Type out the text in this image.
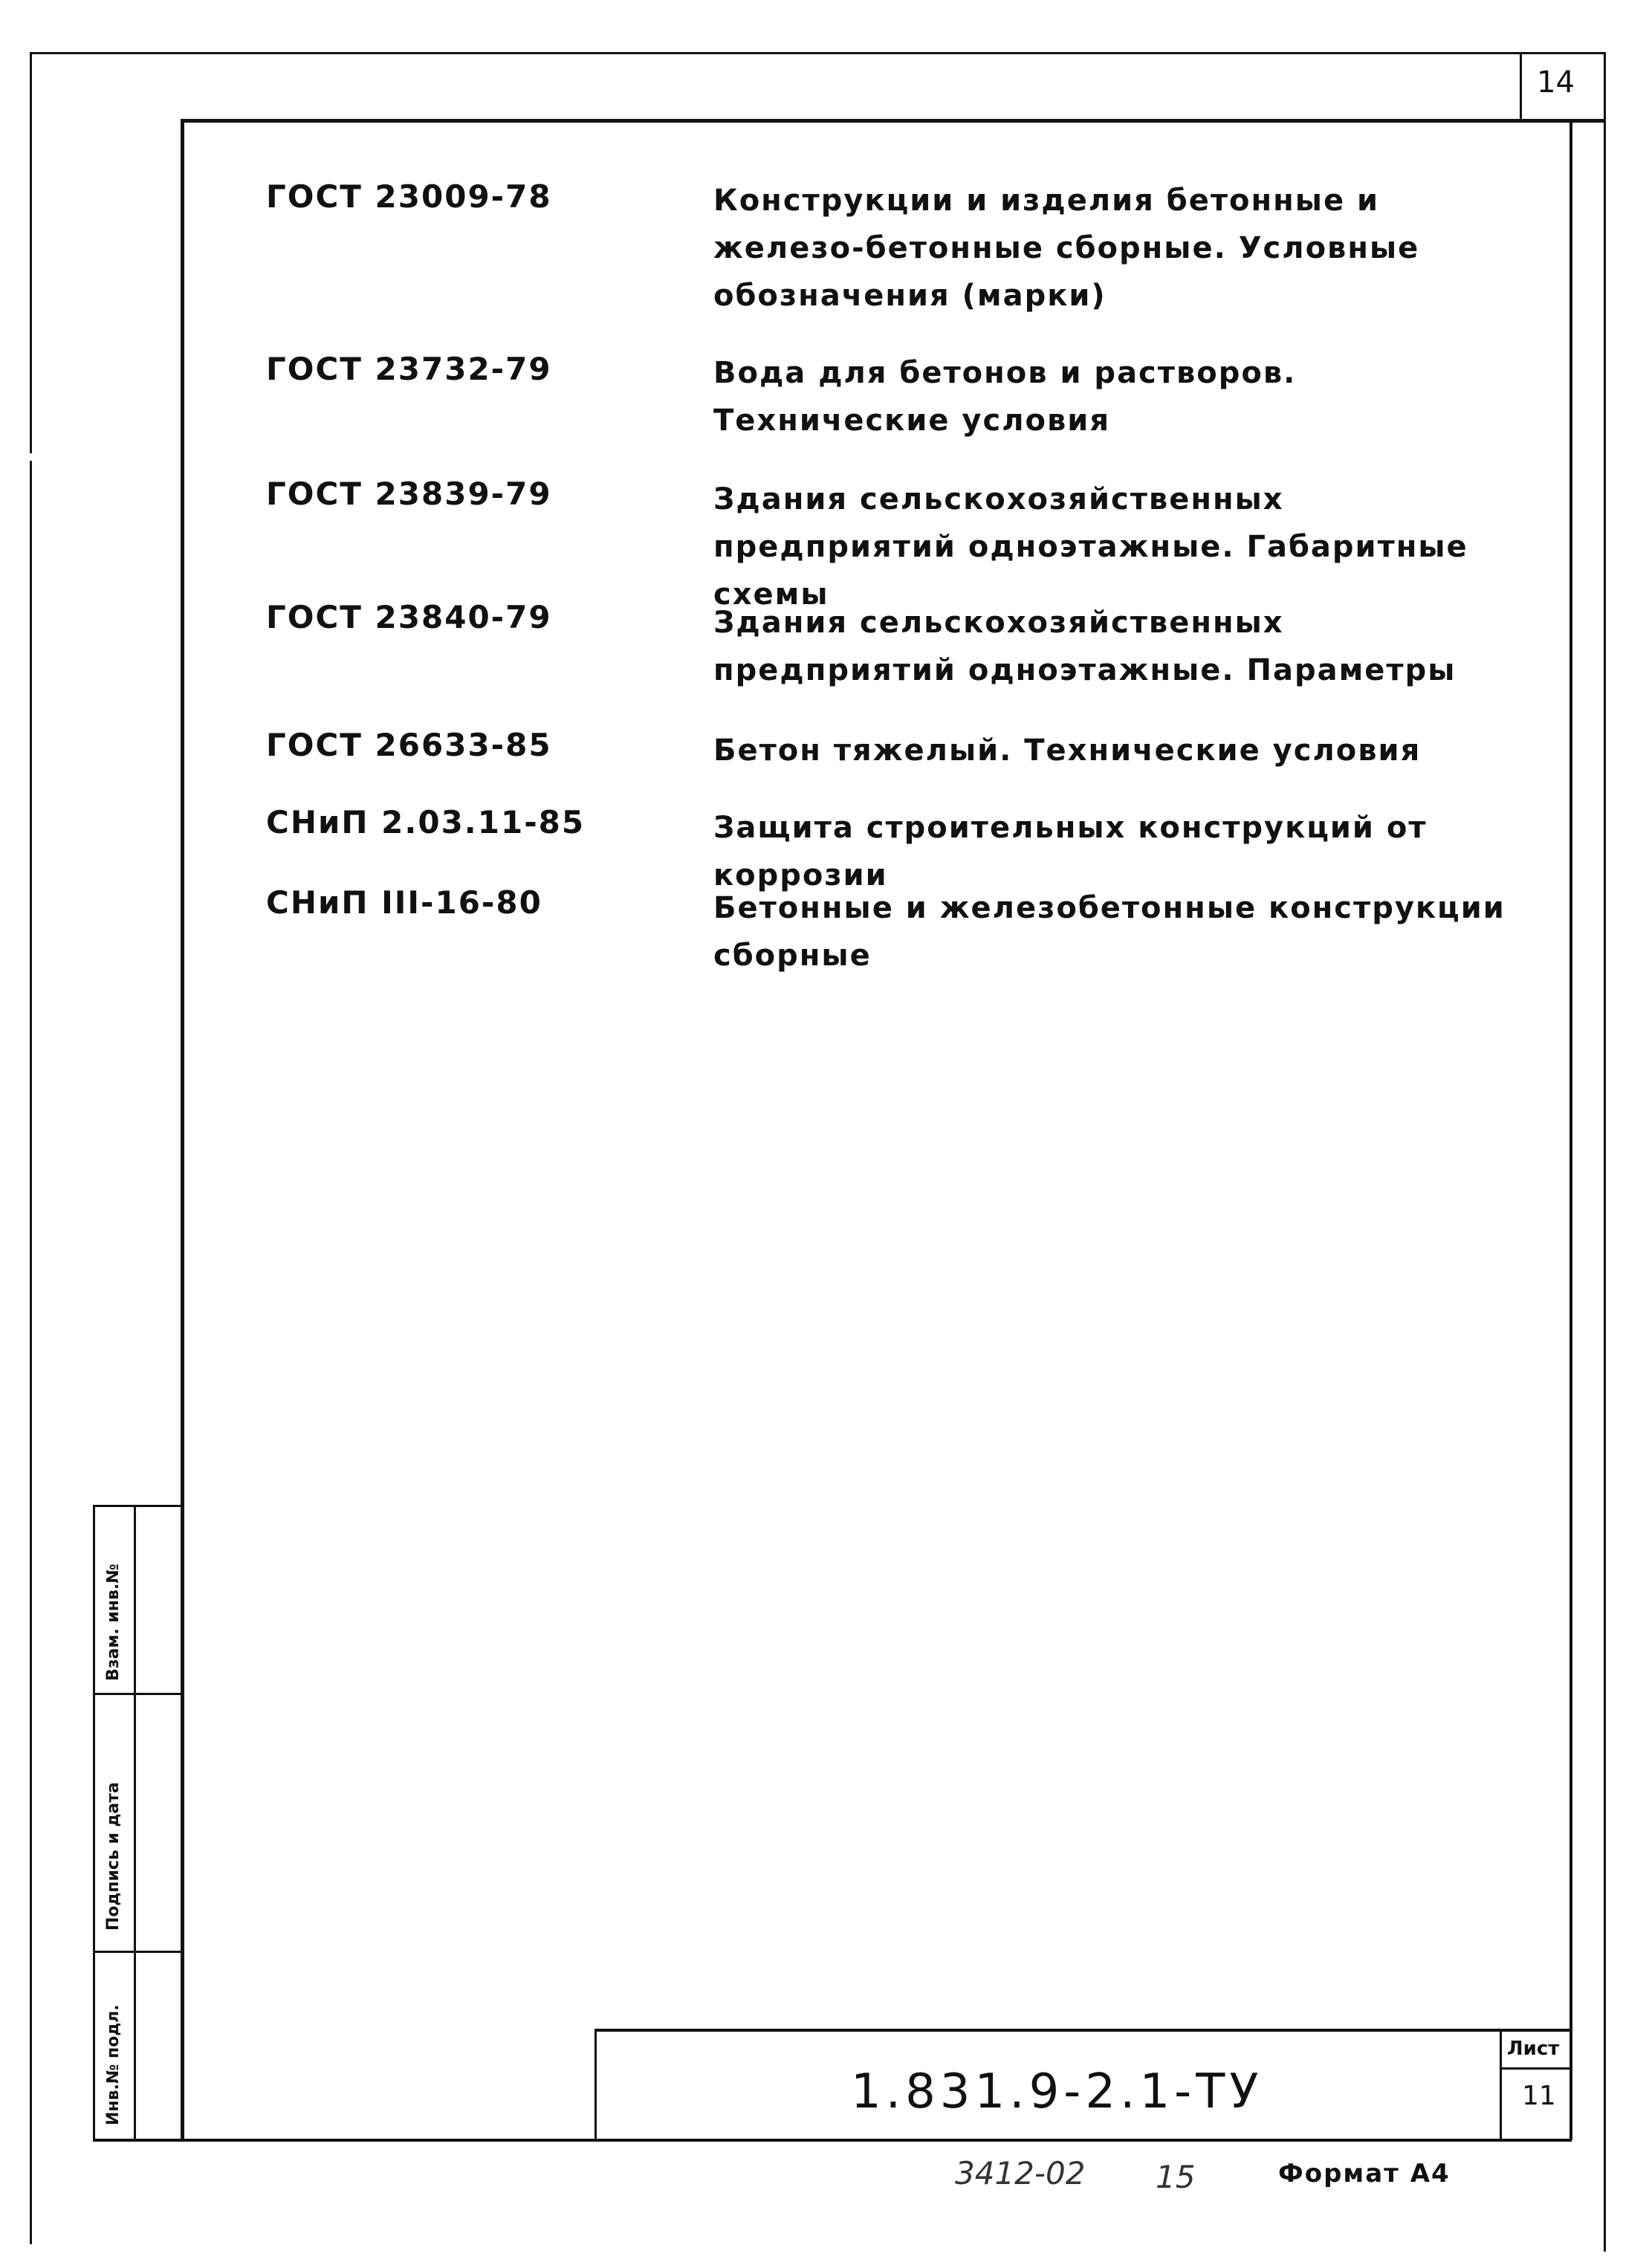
14
ГОСТ 23009-78	Конструкции и изделия бетонные и железо-бетонные сборные. Условные обозначения (марки)
ГОСТ 23732-79	Вода для бетонов и растворов. Технические условия
ГОСТ 23839-79	Здания сельскохозяйственных предприятий одноэтажные. Габаритные схемы
ГОСТ 23840-79	Здания сельскохозяйственных предприятий одноэтажные. Параметры
ГОСТ 26633-85	Бетон тяжелый. Технические условия
СНиП 2.03.11-85	Защита строительных конструкций от коррозии
СНиП III-16-80	Бетонные и железобетонные конструкции сборные
Взам. инв.№
Подпись и дата
Инв.№ подл.	1.831.9-2.1-ТУ
Лист
11
3412-02 15	Формат А4
